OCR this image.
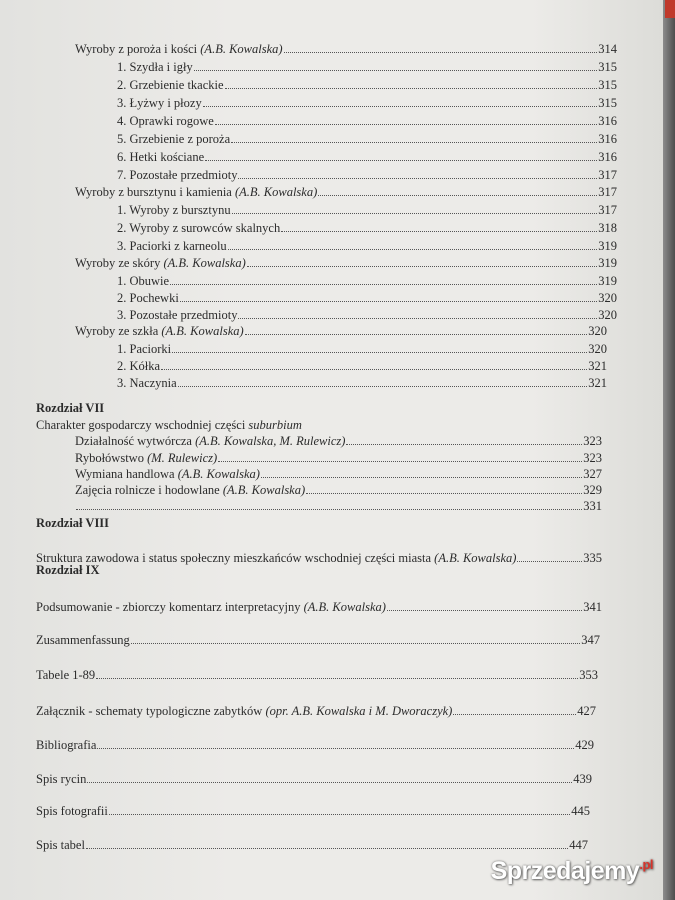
Wyroby z poroża i kości (A.B. Kowalska)	314
1. Szydła i igły	315
2. Grzebienie tkackie	315
3. Łyżwy i płozy	315
4. Oprawki rogowe	316
5. Grzebienie z poroża	316
6. Hetki kościane	316
7. Pozostałe przedmioty	317
Wyroby z bursztynu i kamienia (A.B. Kowalska)	317
1. Wyroby z bursztynu	317
2. Wyroby z surowców skalnych	318
3. Paciorki z karneolu	319
Wyroby ze skóry (A.B. Kowalska)	319
1. Obuwie	319
2. Pochewki	320
3. Pozostałe przedmioty	320
Wyroby ze szkła (A.B. Kowalska)	320
1. Paciorki	320
2. Kółka	321
3. Naczynia	321
Rozdział VII
Charakter gospodarczy wschodniej części suburbium
Działalność wytwórcza (A.B. Kowalska, M. Rulewicz)	323
Rybołówstwo (M. Rulewicz)	323
Wymiana handlowa (A.B. Kowalska)	327
Zajęcia rolnicze i hodowlane (A.B. Kowalska)	329
331
Rozdział VIII
Struktura zawodowa i status społeczny mieszkańców wschodniej części miasta (A.B. Kowalska)	335
Rozdział IX
Podsumowanie - zbiorczy komentarz interpretacyjny (A.B. Kowalska)	341
Zusammenfassung	347
Tabele 1-89	353
Załącznik - schematy typologiczne zabytków (opr. A.B. Kowalska i M. Dworaczyk)	427
Bibliografia	429
Spis rycin	439
Spis fotografii	445
Spis tabel	447
Sprzedajemy$^{.pl}$
